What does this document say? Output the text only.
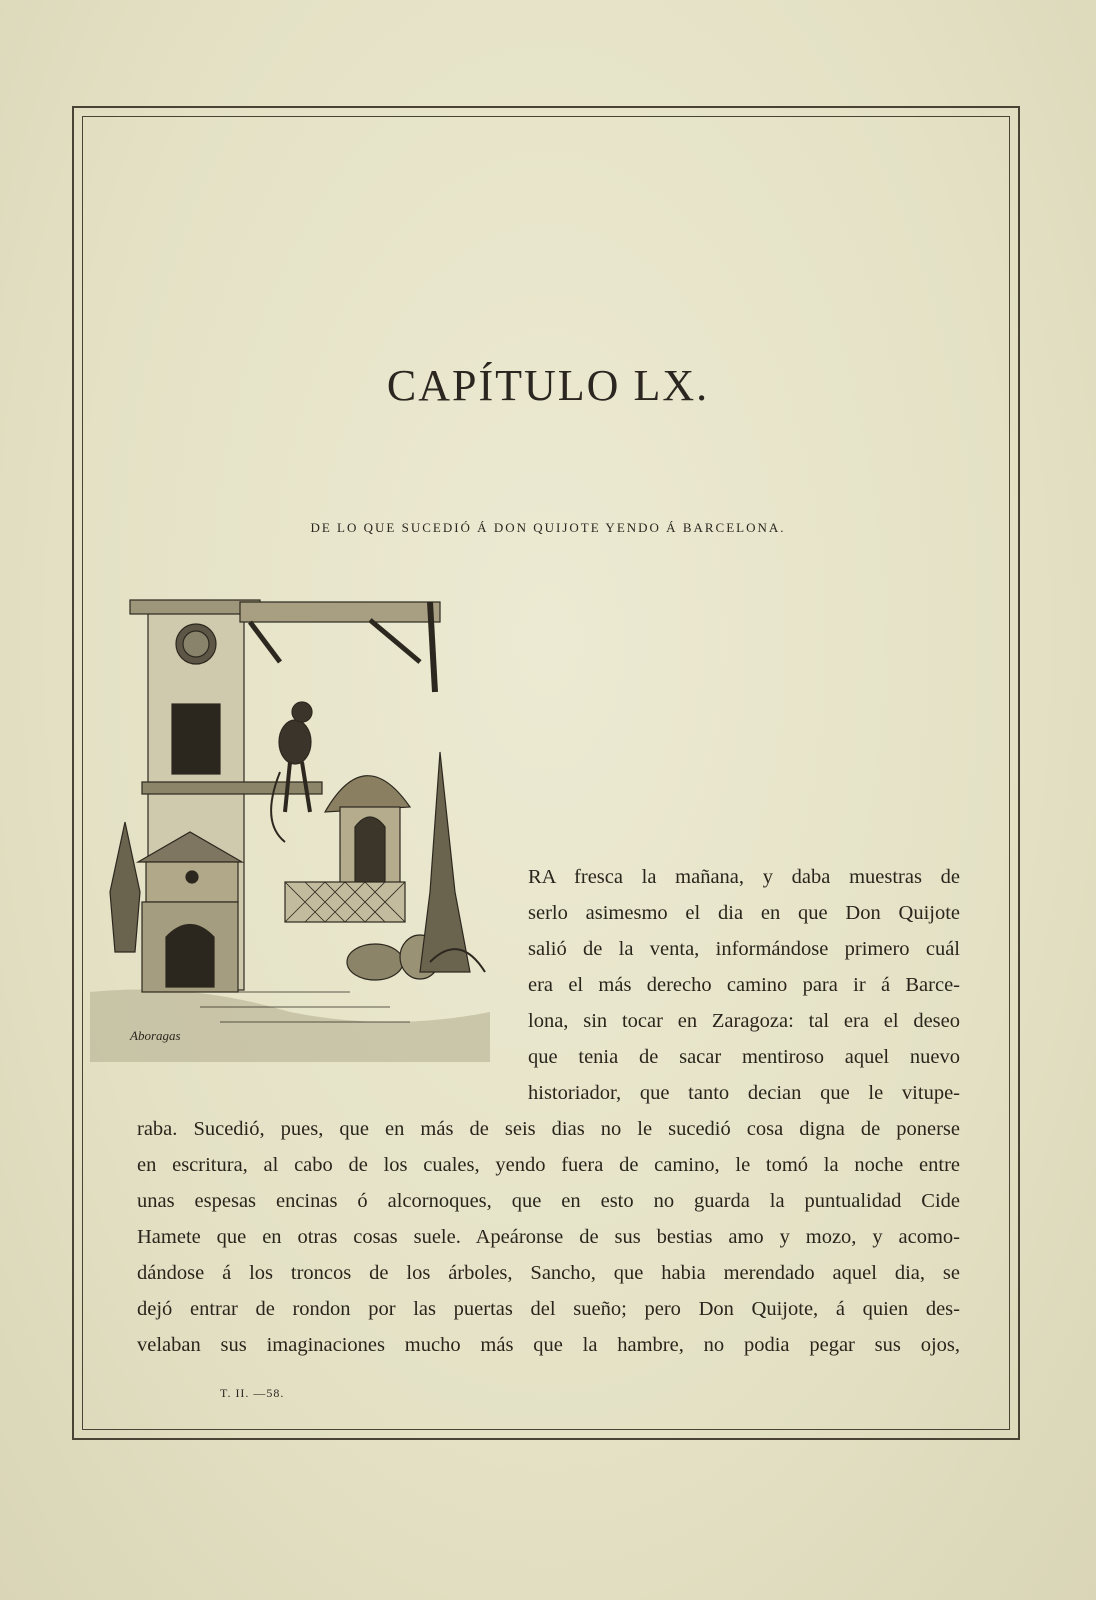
CAPÍTULO LX.
DE LO QUE SUCEDIÓ Á DON QUIJOTE YENDO Á BARCELONA.
Aboragas
RA fresca la mañana, y daba muestras de
serlo asimesmo el dia en que Don Quijote
salió de la venta, informándose primero cuál
era el más derecho camino para ir á Barce-
lona, sin tocar en Zaragoza: tal era el deseo
que tenia de sacar mentiroso aquel nuevo
historiador, que tanto decian que le vitupe-
raba. Sucedió, pues, que en más de seis dias no le sucedió cosa digna de ponerse
en escritura, al cabo de los cuales, yendo fuera de camino, le tomó la noche entre
unas espesas encinas ó alcornoques, que en esto no guarda la puntualidad Cide
Hamete que en otras cosas suele. Apeáronse de sus bestias amo y mozo, y acomo-
dándose á los troncos de los árboles, Sancho, que habia merendado aquel dia, se
dejó entrar de rondon por las puertas del sueño; pero Don Quijote, á quien des-
velaban sus imaginaciones mucho más que la hambre, no podia pegar sus ojos,
T. II. —58.
